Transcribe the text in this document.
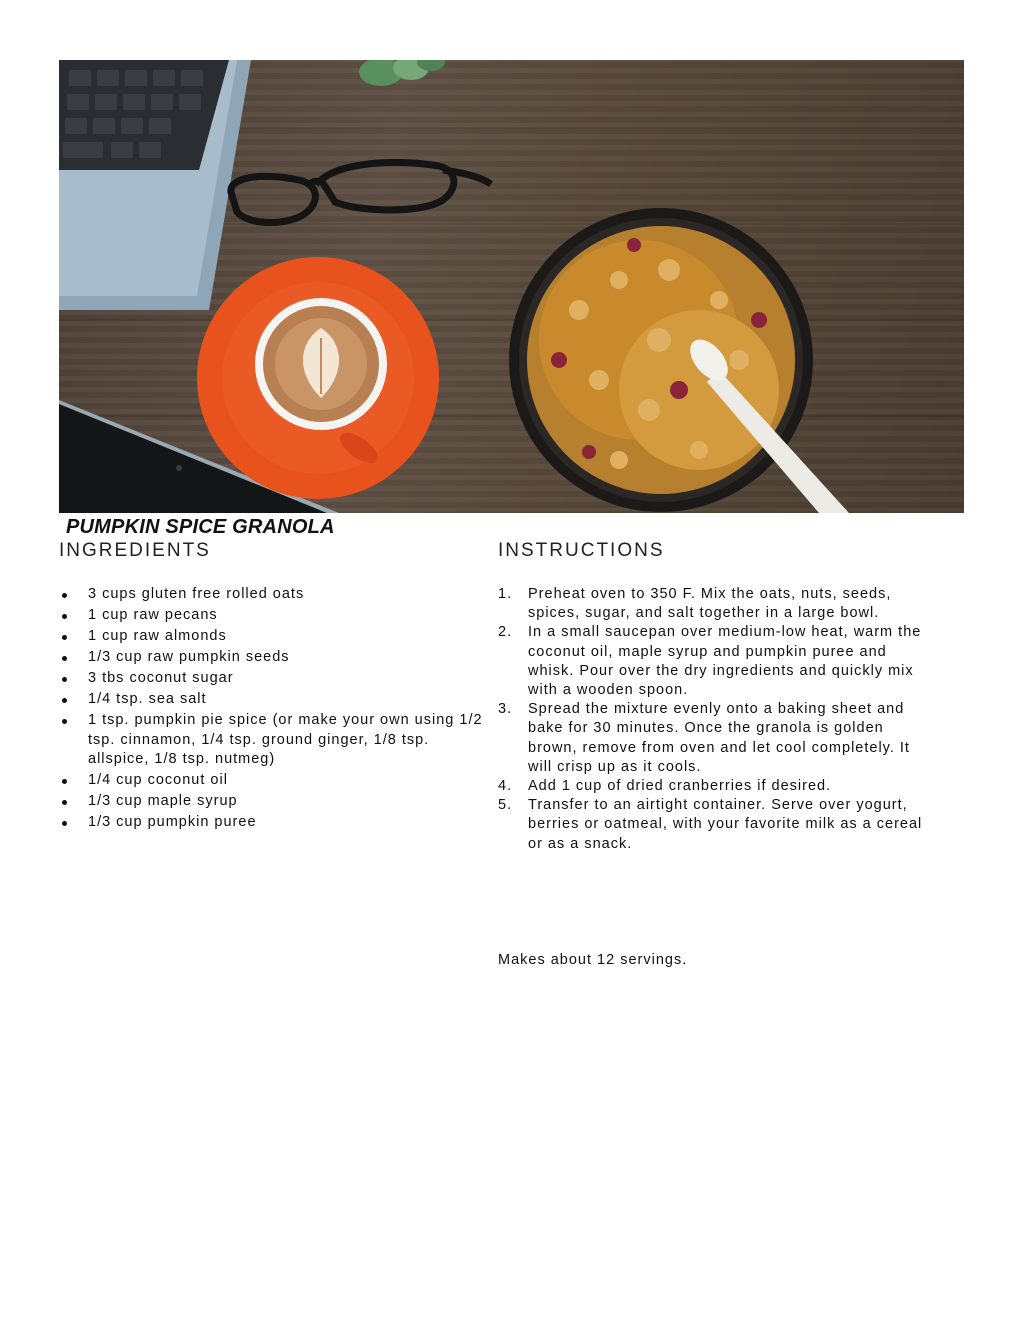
PUMPKIN SPICE GRANOLA
INGREDIENTS	INSTRUCTIONS
3 cups gluten free rolled oats
1 cup raw pecans
1 cup raw almonds
1/3 cup raw pumpkin seeds
3 tbs coconut sugar
1/4 tsp. sea salt
1 tsp. pumpkin pie spice (or make your own using 1/2 tsp. cinnamon, 1/4 tsp. ground ginger, 1/8 tsp. allspice, 1/8 tsp. nutmeg)
1/4 cup coconut oil
1/3 cup maple syrup
1/3 cup pumpkin puree
1. Preheat oven to 350 F. Mix the oats, nuts, seeds, spices, sugar, and salt together in a large bowl.
2. In a small saucepan over medium-low heat, warm the coconut oil, maple syrup and pumpkin puree and whisk. Pour over the dry ingredients and quickly mix with a wooden spoon.
3. Spread the mixture evenly onto a baking sheet and bake for 30 minutes. Once the granola is golden brown, remove from oven and let cool completely. It will crisp up as it cools.
4. Add 1 cup of dried cranberries if desired.
5. Transfer to an airtight container. Serve over yogurt, berries or oatmeal, with your favorite milk as a cereal or as a snack.

Makes about 12 servings.
